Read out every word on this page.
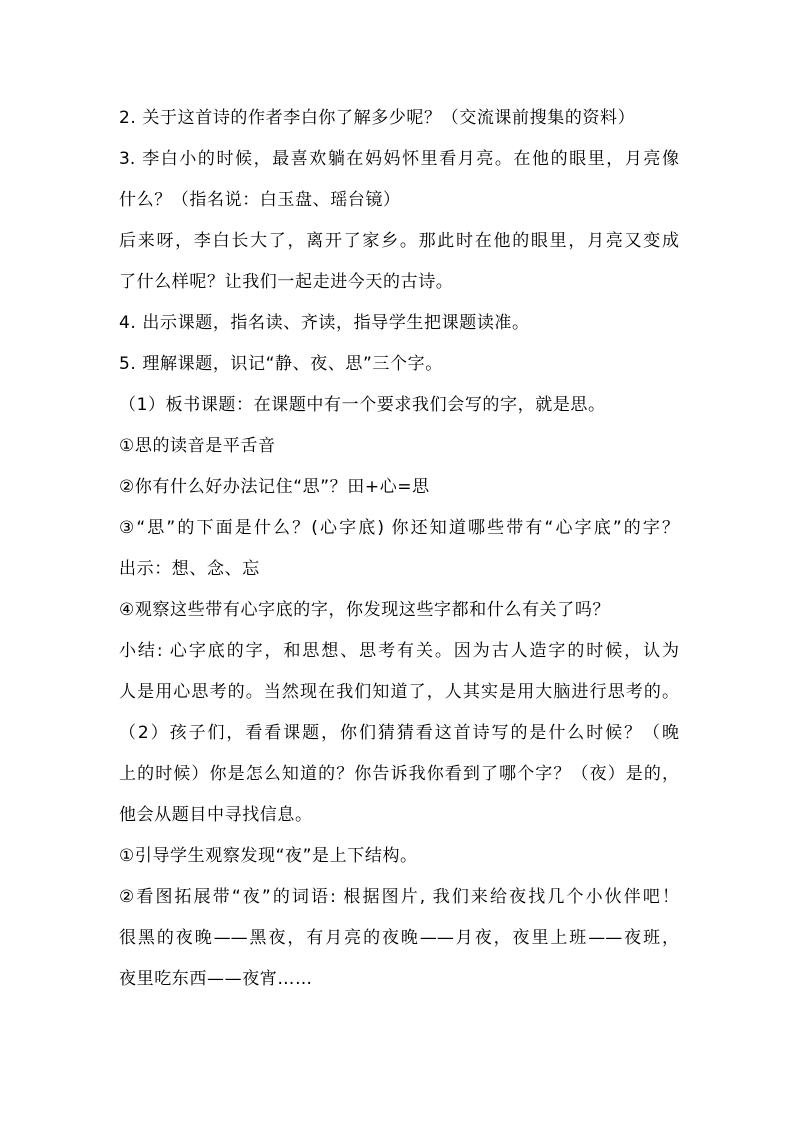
2. 关于这首诗的作者李白你了解多少呢？（交流课前搜集的资料）
3. 李白小的时候，最喜欢躺在妈妈怀里看月亮。在他的眼里，月亮像
什么？（指名说：白玉盘、瑶台镜）
后来呀，李白长大了，离开了家乡。那此时在他的眼里，月亮又变成
了什么样呢？让我们一起走进今天的古诗。
4. 出示课题，指名读、齐读，指导学生把课题读准。
5. 理解课题，识记“静、夜、思”三个字。
（1）板书课题：在课题中有一个要求我们会写的字，就是思。
①思的读音是平舌音
②你有什么好办法记住“思”？田+心=思
③“思”的下面是什么？(心字底) 你还知道哪些带有“心字底”的字？
出示：想、念、忘
④观察这些带有心字底的字，你发现这些字都和什么有关了吗？
小结: 心字底的字，和思想、思考有关。因为古人造字的时候，认为
人是用心思考的。当然现在我们知道了，人其实是用大脑进行思考的。
（2）孩子们，看看课题，你们猜猜看这首诗写的是什么时候？（晚
上的时候）你是怎么知道的？你告诉我你看到了哪个字？（夜）是的，
他会从题目中寻找信息。
①引导学生观察发现“夜”是上下结构。
②看图拓展带“夜”的词语: 根据图片, 我们来给夜找几个小伙伴吧！
很黑的夜晚——黑夜，有月亮的夜晚——月夜，夜里上班——夜班，
夜里吃东西——夜宵……
